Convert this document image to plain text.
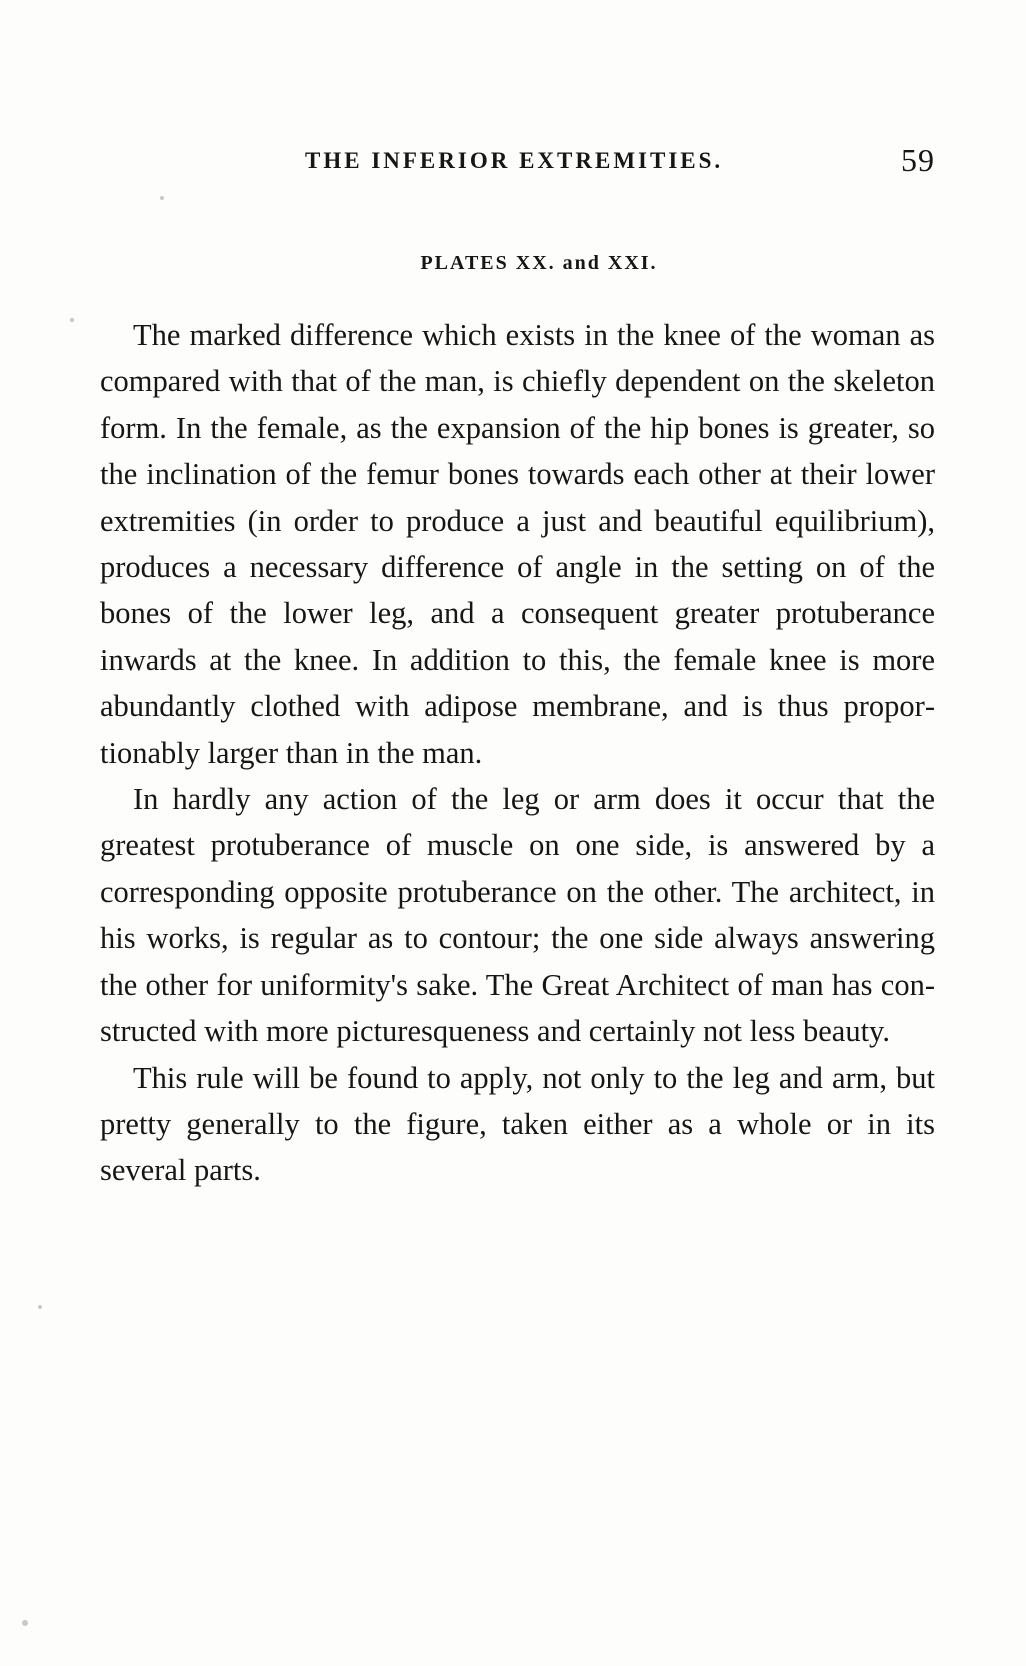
THE INFERIOR EXTREMITIES.	59
PLATES XX. and XXI.

The marked difference which exists in the knee of the woman as compared with that of the man, is chiefly dependent on the skeleton form. In the female, as the expansion of the hip bones is greater, so the inclination of the femur bones towards each other at their lower extremities (in order to produce a just and beautiful equilibrium), produces a necessary difference of angle in the setting on of the bones of the lower leg, and a consequent greater protuberance inwards at the knee. In addition to this, the female knee is more abundantly clothed with adipose membrane, and is thus proportionably larger than in the man.

In hardly any action of the leg or arm does it occur that the greatest protuberance of muscle on one side, is answered by a corresponding opposite protuberance on the other. The architect, in his works, is regular as to contour; the one side always answering the other for uniformity's sake. The Great Architect of man has constructed with more picturesqueness and certainly not less beauty.

This rule will be found to apply, not only to the leg and arm, but pretty generally to the figure, taken either as a whole or in its several parts.
